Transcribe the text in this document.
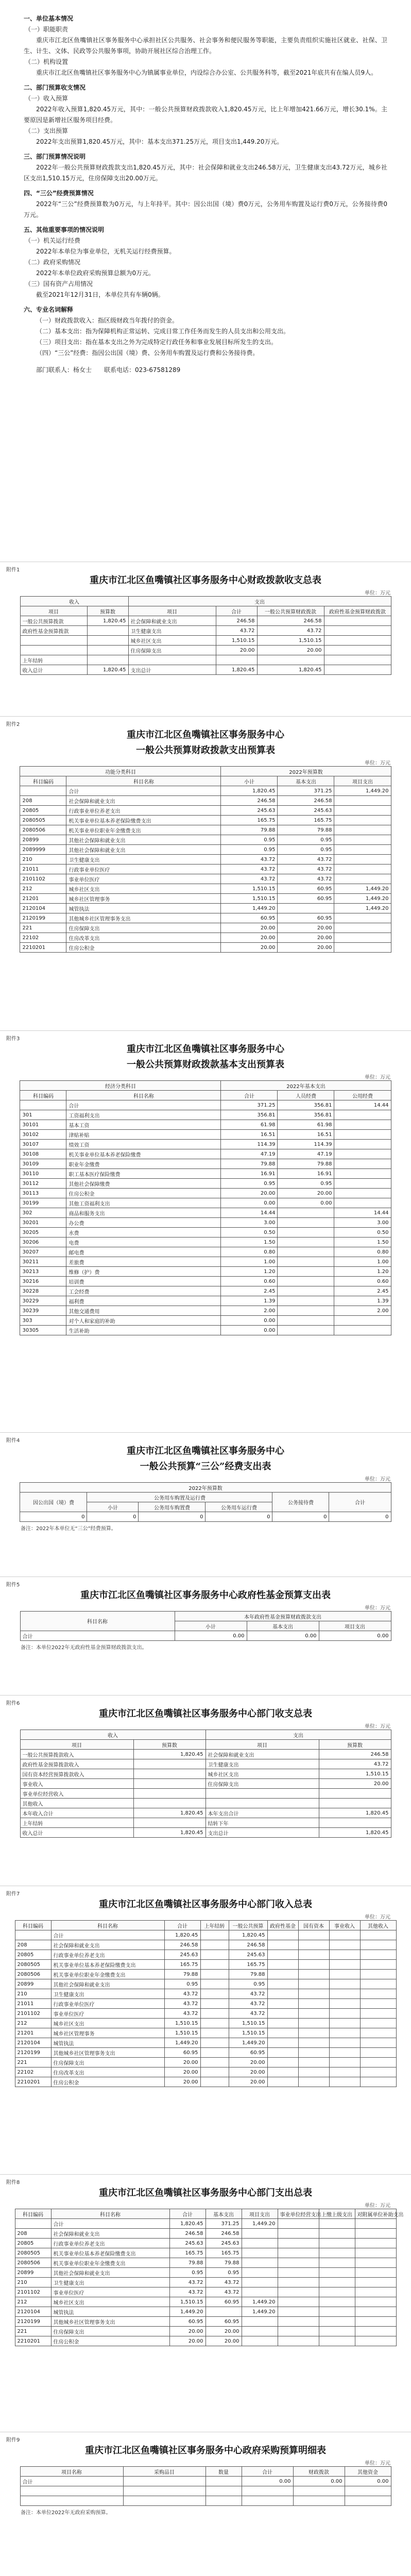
一、单位基本情况
（一）职能职责
重庆市江北区鱼嘴镇社区事务服务中心承担社区公共服务、社会事务和便民服务等职能，主要负责组织实施社区就业、社保、卫生、计生、文体、民政等公共服务事项，协助开展社区综合治理工作。
（二）机构设置
重庆市江北区鱼嘴镇社区事务服务中心为镇属事业单位，内设综合办公室、公共服务科等，截至2021年底共有在编人员9人。
二、部门预算收支情况
（一）收入预算
2022年收入预算1,820.45万元，其中：一般公共预算财政拨款收入1,820.45万元，比上年增加421.66万元，增长30.1%。主要原因是新增社区服务项目经费。
（二）支出预算
2022年支出预算1,820.45万元，其中：基本支出371.25万元，项目支出1,449.20万元。
三、部门预算情况说明
2022年一般公共预算财政拨款支出1,820.45万元，其中：社会保障和就业支出246.58万元，卫生健康支出43.72万元，城乡社区支出1,510.15万元，住房保障支出20.00万元。
四、“三公”经费预算情况
2022年“三公”经费预算数为0万元，与上年持平。其中：因公出国（境）费0万元，公务用车购置及运行费0万元，公务接待费0万元。
五、其他重要事项的情况说明
（一）机关运行经费
2022年本单位为事业单位，无机关运行经费预算。
（二）政府采购情况
2022年本单位政府采购预算总额为0万元。
（三）国有资产占用情况
截至2021年12月31日，本单位共有车辆0辆。
六、专业名词解释
（一）财政拨款收入：指区级财政当年拨付的资金。
（二）基本支出：指为保障机构正常运转、完成日常工作任务而发生的人员支出和公用支出。
（三）项目支出：指在基本支出之外为完成特定行政任务和事业发展目标所发生的支出。
（四）“三公”经费：指因公出国（境）费、公务用车购置及运行费和公务接待费。
部门联系人：杨女士　　联系电话：023-67581289
附件1
重庆市江北区鱼嘴镇社区事务服务中心财政拨款收支总表
单位：万元
收入		支出			
项目	预算数	项目	合计	一般公共预算财政拨款	政府性基金预算财政拨款
一般公共预算拨款	1,820.45	社会保障和就业支出	246.58	246.58	
政府性基金预算拨款		卫生健康支出	43.72	43.72	
		城乡社区支出	1,510.15	1,510.15	
		住房保障支出	20.00	20.00	
上年结转					
收入总计	1,820.45	支出总计	1,820.45	1,820.45	
附件2
重庆市江北区鱼嘴镇社区事务服务中心
一般公共预算财政拨款支出预算表
单位：万元
功能分类科目		2022年预算数		
科目编码	科目名称	小计	基本支出	项目支出
	合计	1,820.45	371.25	1,449.20
208	社会保障和就业支出	246.58	246.58	
20805	行政事业单位养老支出	245.63	245.63	
2080505	机关事业单位基本养老保险缴费支出	165.75	165.75	
2080506	机关事业单位职业年金缴费支出	79.88	79.88	
20899	其他社会保障和就业支出	0.95	0.95	
2089999	其他社会保障和就业支出	0.95	0.95	
210	卫生健康支出	43.72	43.72	
21011	行政事业单位医疗	43.72	43.72	
2101102	事业单位医疗	43.72	43.72	
212	城乡社区支出	1,510.15	60.95	1,449.20
21201	城乡社区管理事务	1,510.15	60.95	1,449.20
2120104	城管执法	1,449.20		1,449.20
2120199	其他城乡社区管理事务支出	60.95	60.95	
221	住房保障支出	20.00	20.00	
22102	住房改革支出	20.00	20.00	
2210201	住房公积金	20.00	20.00	
附件3
重庆市江北区鱼嘴镇社区事务服务中心
一般公共预算财政拨款基本支出预算表
单位：万元
经济分类科目		2022年基本支出		
科目编码	科目名称	合计	人员经费	公用经费
	合计	371.25	356.81	14.44
301	工资福利支出	356.81	356.81	
30101	基本工资	61.98	61.98	
30102	津贴补贴	16.51	16.51	
30107	绩效工资	114.39	114.39	
30108	机关事业单位基本养老保险缴费	47.19	47.19	
30109	职业年金缴费	79.88	79.88	
30110	职工基本医疗保险缴费	16.91	16.91	
30112	其他社会保障缴费	0.95	0.95	
30113	住房公积金	20.00	20.00	
30199	其他工资福利支出	0.00	0.00	
302	商品和服务支出	14.44		14.44
30201	办公费	3.00		3.00
30205	水费	0.50		0.50
30206	电费	1.50		1.50
30207	邮电费	0.80		0.80
30211	差旅费	1.00		1.00
30213	维修（护）费	1.20		1.20
30216	培训费	0.60		0.60
30228	工会经费	2.45		2.45
30229	福利费	1.39		1.39
30239	其他交通费用	2.00		2.00
303	对个人和家庭的补助	0.00		
30305	生活补助	0.00		
附件4
重庆市江北区鱼嘴镇社区事务服务中心
一般公共预算“三公”经费支出表
单位：万元
2022年预算数					
因公出国（境）费	公务用车购置及运行费			公务接待费	合计
	小计	公务用车购置费	公务用车运行费		
0	0	0	0	0	0
备注：2022年本单位无“三公”经费预算。
附件5
重庆市江北区鱼嘴镇社区事务服务中心政府性基金预算支出表
单位：万元
科目名称	本年政府性基金预算财政拨款支出		
	小计	基本支出	项目支出
合计	0.00	0.00	0.00
备注：本单位2022年无政府性基金预算财政拨款支出。
附件6
重庆市江北区鱼嘴镇社区事务服务中心部门收支总表
单位：万元
收入		支出	
项目	预算数	项目	预算数
一般公共预算拨款收入	1,820.45	社会保障和就业支出	246.58
政府性基金预算拨款收入		卫生健康支出	43.72
国有资本经营预算拨款收入		城乡社区支出	1,510.15
事业收入		住房保障支出	20.00
事业单位经营收入			
其他收入			
本年收入合计	1,820.45	本年支出合计	1,820.45
上年结转		结转下年	
收入总计	1,820.45	支出总计	1,820.45
附件7
重庆市江北区鱼嘴镇社区事务服务中心部门收入总表
单位：万元
科目编码	科目名称	合计	上年结转	一般公共预算	政府性基金	国有资本	事业收入	其他收入
	合计	1,820.45		1,820.45				
208	社会保障和就业支出	246.58		246.58				
20805	行政事业单位养老支出	245.63		245.63				
2080505	机关事业单位基本养老保险缴费支出	165.75		165.75				
2080506	机关事业单位职业年金缴费支出	79.88		79.88				
20899	其他社会保障和就业支出	0.95		0.95				
210	卫生健康支出	43.72		43.72				
21011	行政事业单位医疗	43.72		43.72				
2101102	事业单位医疗	43.72		43.72				
212	城乡社区支出	1,510.15		1,510.15				
21201	城乡社区管理事务	1,510.15		1,510.15				
2120104	城管执法	1,449.20		1,449.20				
2120199	其他城乡社区管理事务支出	60.95		60.95				
221	住房保障支出	20.00		20.00				
22102	住房改革支出	20.00		20.00				
2210201	住房公积金	20.00		20.00				
附件8
重庆市江北区鱼嘴镇社区事务服务中心部门支出总表
单位：万元
科目编码	科目名称	合计	基本支出	项目支出	事业单位经营支出	上缴上级支出	对附属单位补助支出
	合计	1,820.45	371.25	1,449.20			
208	社会保障和就业支出	246.58	246.58				
20805	行政事业单位养老支出	245.63	245.63				
2080505	机关事业单位基本养老保险缴费支出	165.75	165.75				
2080506	机关事业单位职业年金缴费支出	79.88	79.88				
20899	其他社会保障和就业支出	0.95	0.95				
210	卫生健康支出	43.72	43.72				
2101102	事业单位医疗	43.72	43.72				
212	城乡社区支出	1,510.15	60.95	1,449.20			
2120104	城管执法	1,449.20		1,449.20			
2120199	其他城乡社区管理事务支出	60.95	60.95				
221	住房保障支出	20.00	20.00				
2210201	住房公积金	20.00	20.00				
附件9
重庆市江北区鱼嘴镇社区事务服务中心政府采购预算明细表
单位：万元
项目名称	采购品目	数量	合计	财政拨款	其他资金
合计			0.00	0.00	0.00

备注：本单位2022年无政府采购预算。
